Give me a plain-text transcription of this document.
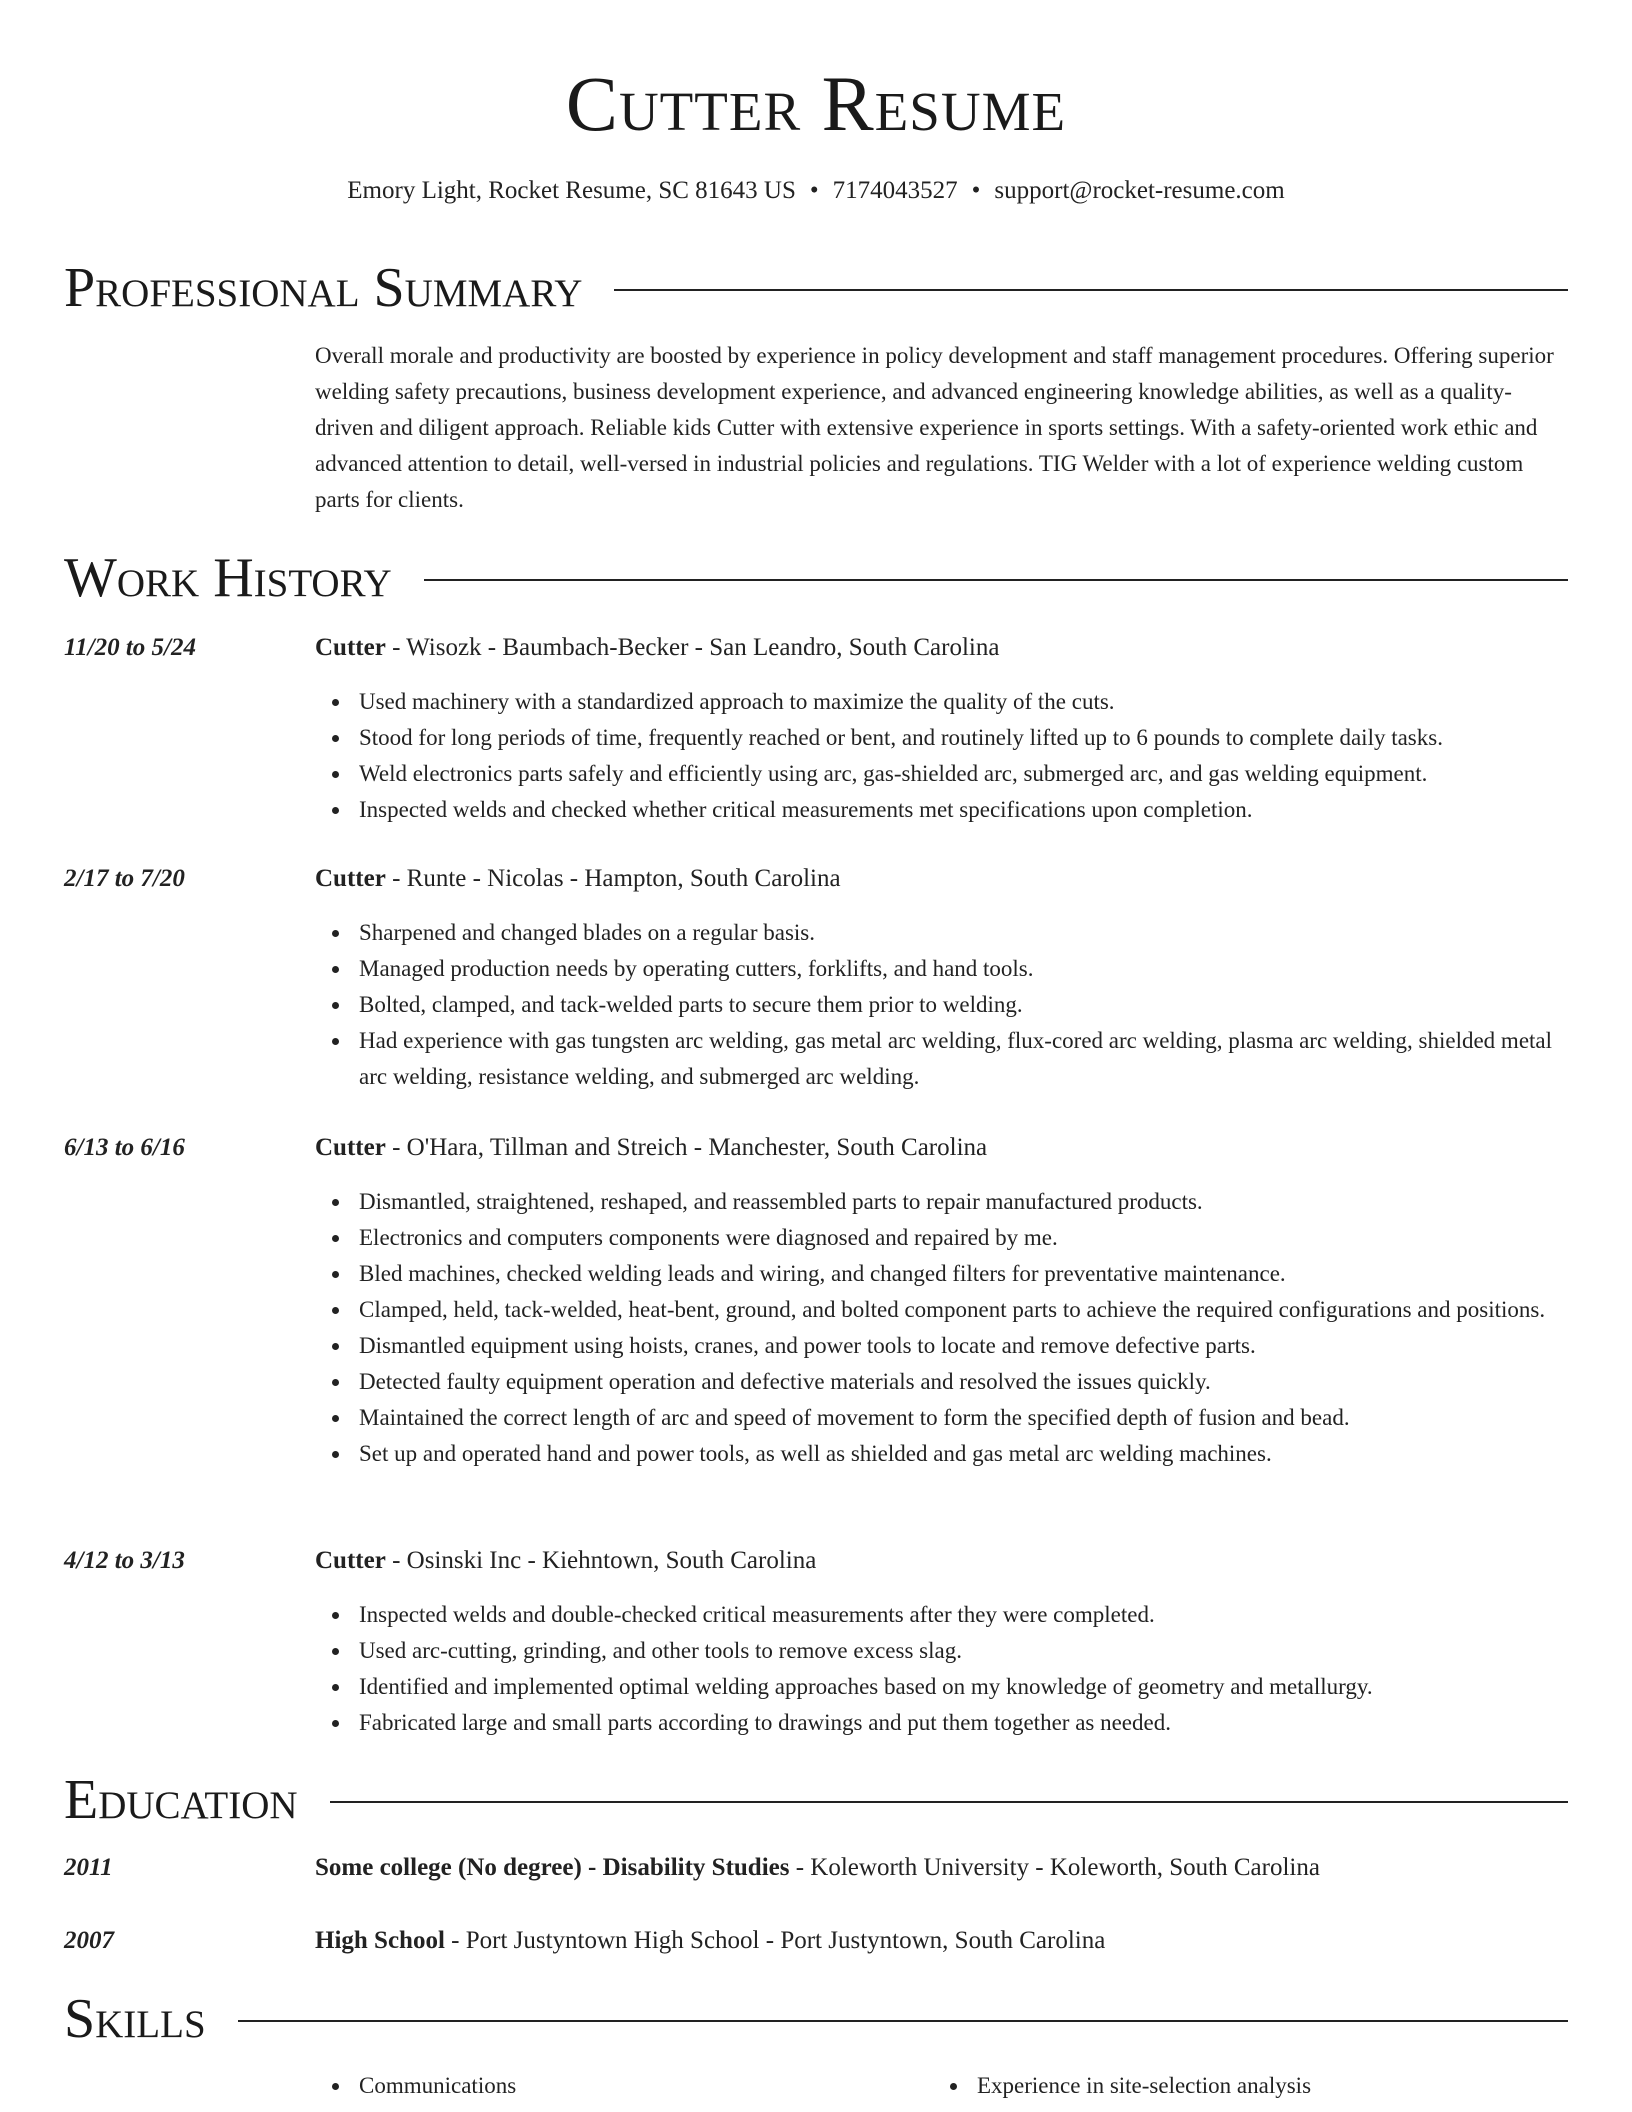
Cutter Resume
Emory Light, Rocket Resume, SC 81643 US • 7174043527 • support@rocket-resume.com
Professional Summary
Overall morale and productivity are boosted by experience in policy development and staff management procedures. Offering superior welding safety precautions, business development experience, and advanced engineering knowledge abilities, as well as a quality-driven and diligent approach. Reliable kids Cutter with extensive experience in sports settings. With a safety-oriented work ethic and advanced attention to detail, well-versed in industrial policies and regulations. TIG Welder with a lot of experience welding custom parts for clients.
Work History
11/20 to 5/24	Cutter - Wisozk - Baumbach-Becker - San Leandro, South Carolina
Used machinery with a standardized approach to maximize the quality of the cuts.
Stood for long periods of time, frequently reached or bent, and routinely lifted up to 6 pounds to complete daily tasks.
Weld electronics parts safely and efficiently using arc, gas-shielded arc, submerged arc, and gas welding equipment.
Inspected welds and checked whether critical measurements met specifications upon completion.
2/17 to 7/20	Cutter - Runte - Nicolas - Hampton, South Carolina
Sharpened and changed blades on a regular basis.
Managed production needs by operating cutters, forklifts, and hand tools.
Bolted, clamped, and tack-welded parts to secure them prior to welding.
Had experience with gas tungsten arc welding, gas metal arc welding, flux-cored arc welding, plasma arc welding, shielded metal arc welding, resistance welding, and submerged arc welding.
6/13 to 6/16	Cutter - O'Hara, Tillman and Streich - Manchester, South Carolina
Dismantled, straightened, reshaped, and reassembled parts to repair manufactured products.
Electronics and computers components were diagnosed and repaired by me.
Bled machines, checked welding leads and wiring, and changed filters for preventative maintenance.
Clamped, held, tack-welded, heat-bent, ground, and bolted component parts to achieve the required configurations and positions.
Dismantled equipment using hoists, cranes, and power tools to locate and remove defective parts.
Detected faulty equipment operation and defective materials and resolved the issues quickly.
Maintained the correct length of arc and speed of movement to form the specified depth of fusion and bead.
Set up and operated hand and power tools, as well as shielded and gas metal arc welding machines.
4/12 to 3/13	Cutter - Osinski Inc - Kiehntown, South Carolina
Inspected welds and double-checked critical measurements after they were completed.
Used arc-cutting, grinding, and other tools to remove excess slag.
Identified and implemented optimal welding approaches based on my knowledge of geometry and metallurgy.
Fabricated large and small parts according to drawings and put them together as needed.
Education
2011	Some college (No degree) - Disability Studies - Koleworth University - Koleworth, South Carolina
2007	High School - Port Justyntown High School - Port Justyntown, South Carolina
Skills
Communications	Experience in site-selection analysis
